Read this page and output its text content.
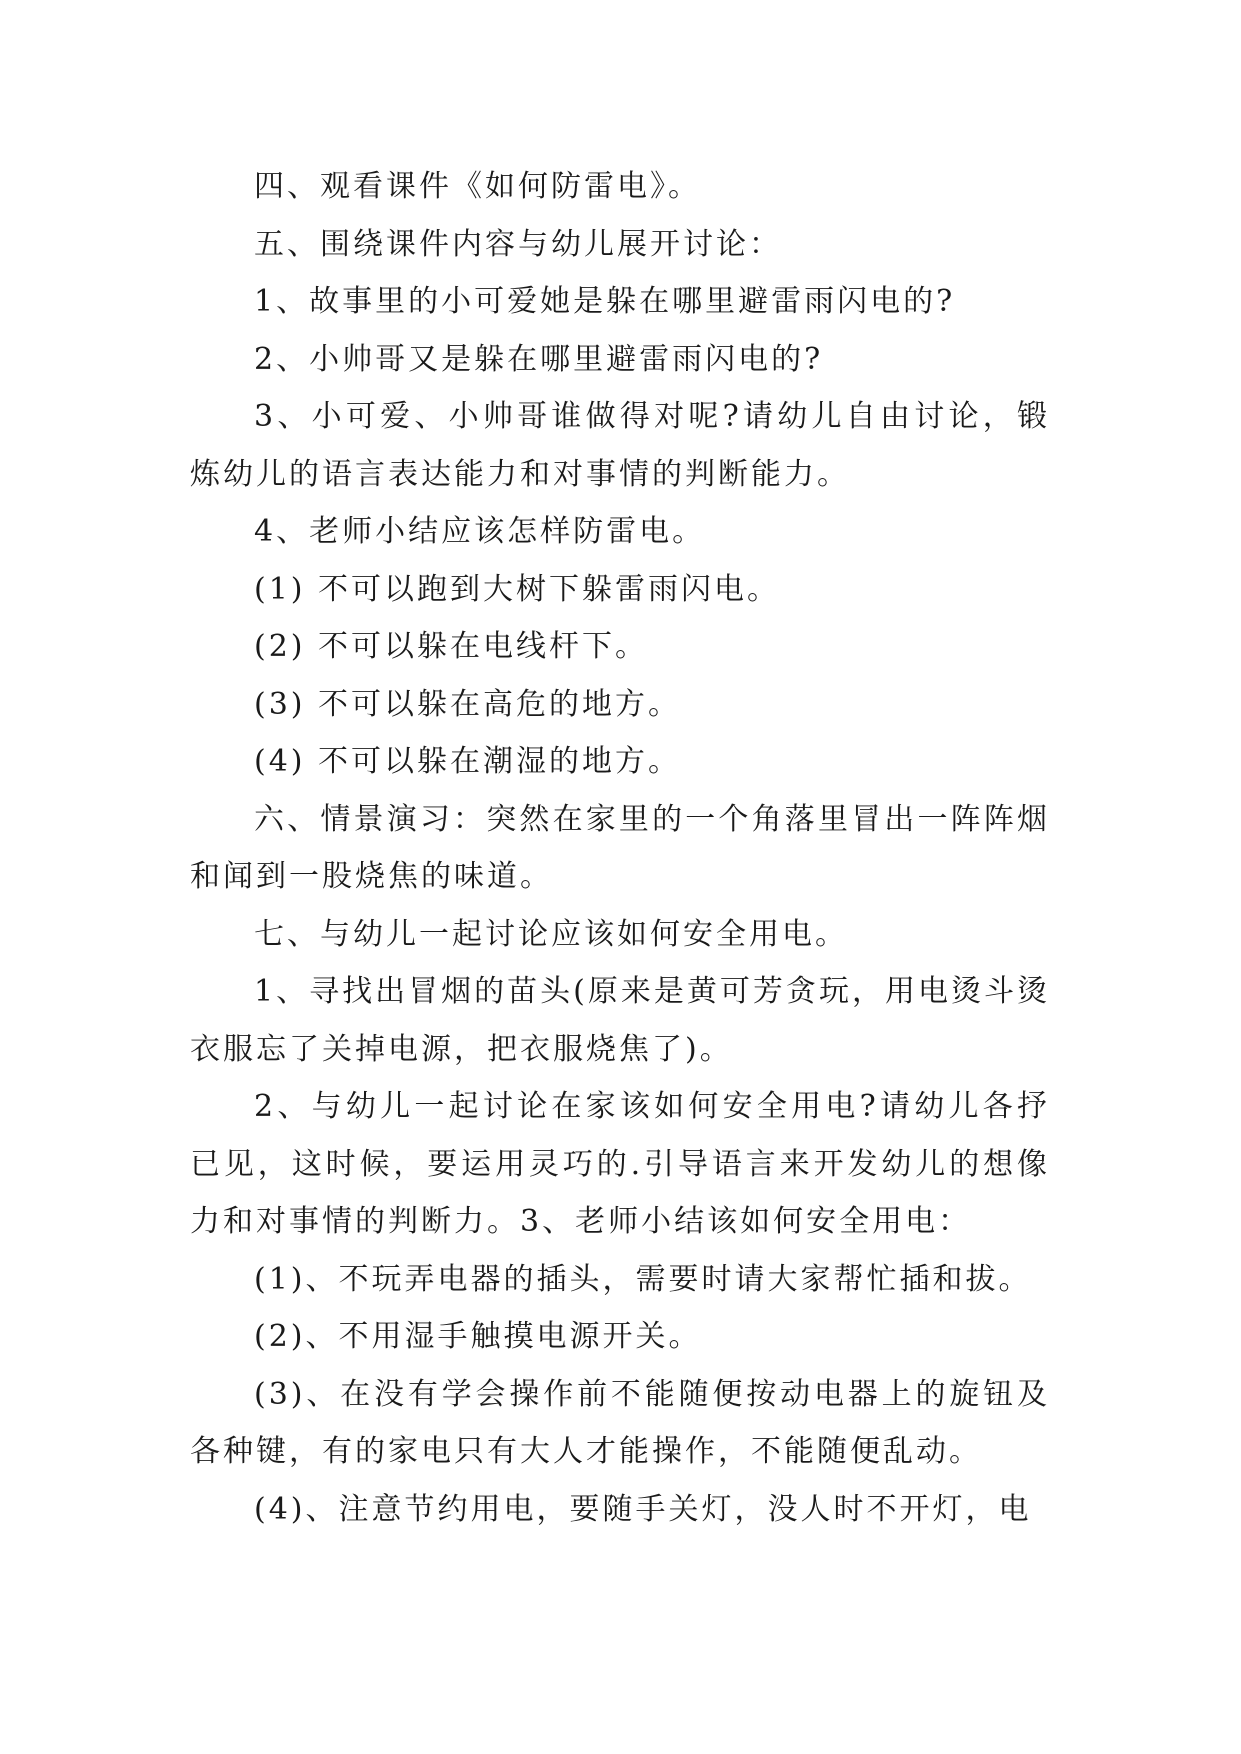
四、观看课件《如何防雷电》。

五、围绕课件内容与幼儿展开讨论：

1、故事里的小可爱她是躲在哪里避雷雨闪电的?

2、小帅哥又是躲在哪里避雷雨闪电的?

3、小可爱、小帅哥谁做得对呢?请幼儿自由讨论，锻炼幼儿的语言表达能力和对事情的判断能力。

4、老师小结应该怎样防雷电。

(1) 不可以跑到大树下躲雷雨闪电。

(2) 不可以躲在电线杆下。

(3) 不可以躲在高危的地方。

(4) 不可以躲在潮湿的地方。

六、情景演习：突然在家里的一个角落里冒出一阵阵烟和闻到一股烧焦的味道。

七、与幼儿一起讨论应该如何安全用电。

1、寻找出冒烟的苗头(原来是黄可芳贪玩，用电烫斗烫衣服忘了关掉电源，把衣服烧焦了)。

2、与幼儿一起讨论在家该如何安全用电?请幼儿各抒已见，这时候，要运用灵巧的.引导语言来开发幼儿的想像力和对事情的判断力。3、老师小结该如何安全用电：

(1)、不玩弄电器的插头，需要时请大家帮忙插和拔。

(2)、不用湿手触摸电源开关。

(3)、在没有学会操作前不能随便按动电器上的旋钮及各种键，有的家电只有大人才能操作，不能随便乱动。

(4)、注意节约用电，要随手关灯，没人时不开灯，电
